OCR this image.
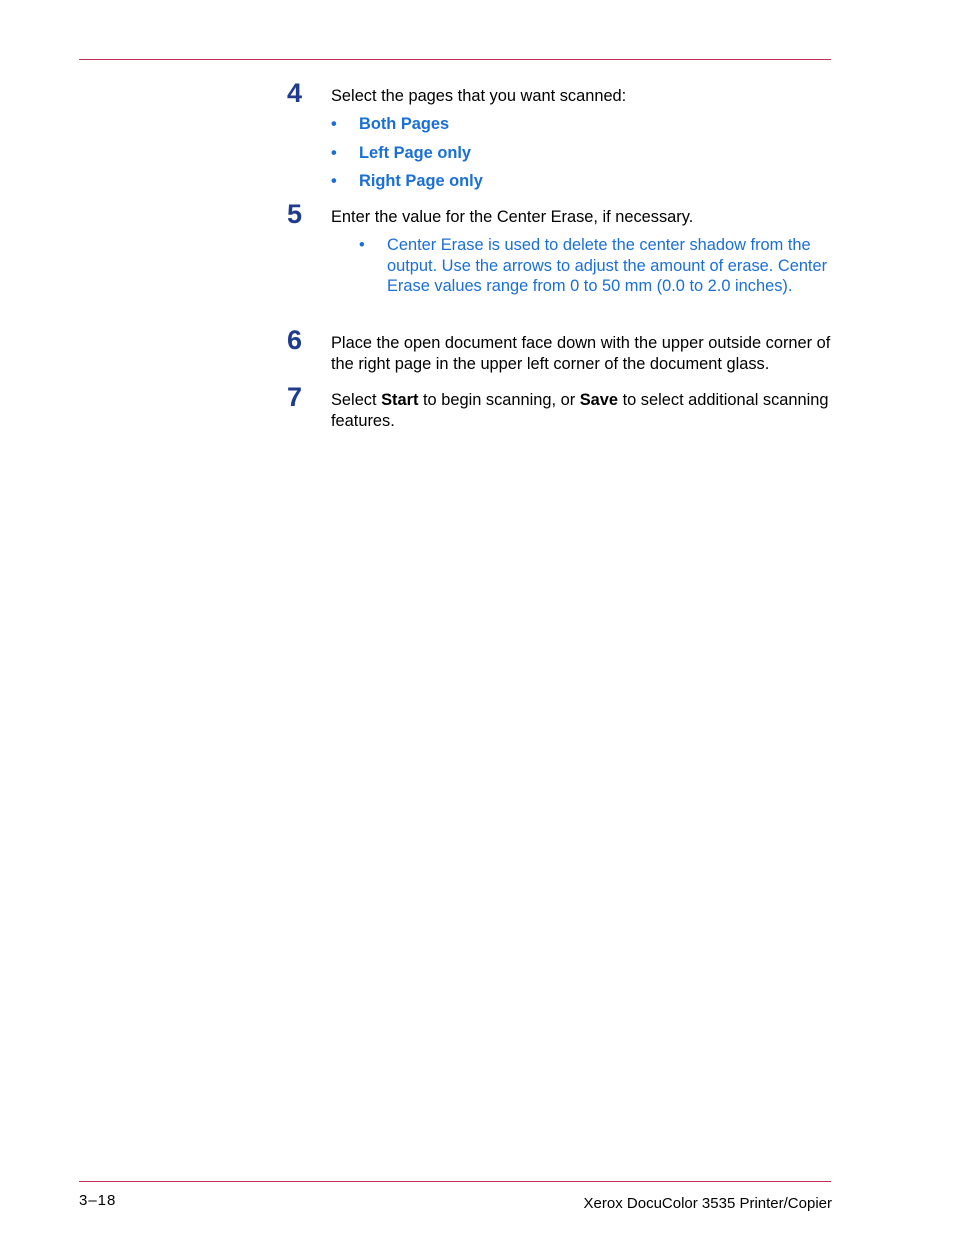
4 Select the pages that you want scanned:
• Both Pages
• Left Page only
• Right Page only
5 Enter the value for the Center Erase, if necessary.
• Center Erase is used to delete the center shadow from the output. Use the arrows to adjust the amount of erase. Center Erase values range from 0 to 50 mm (0.0 to 2.0 inches).
6 Place the open document face down with the upper outside corner of the right page in the upper left corner of the document glass.
7 Select Start to begin scanning, or Save to select additional scanning features.
3–18	Xerox DocuColor 3535 Printer/Copier
